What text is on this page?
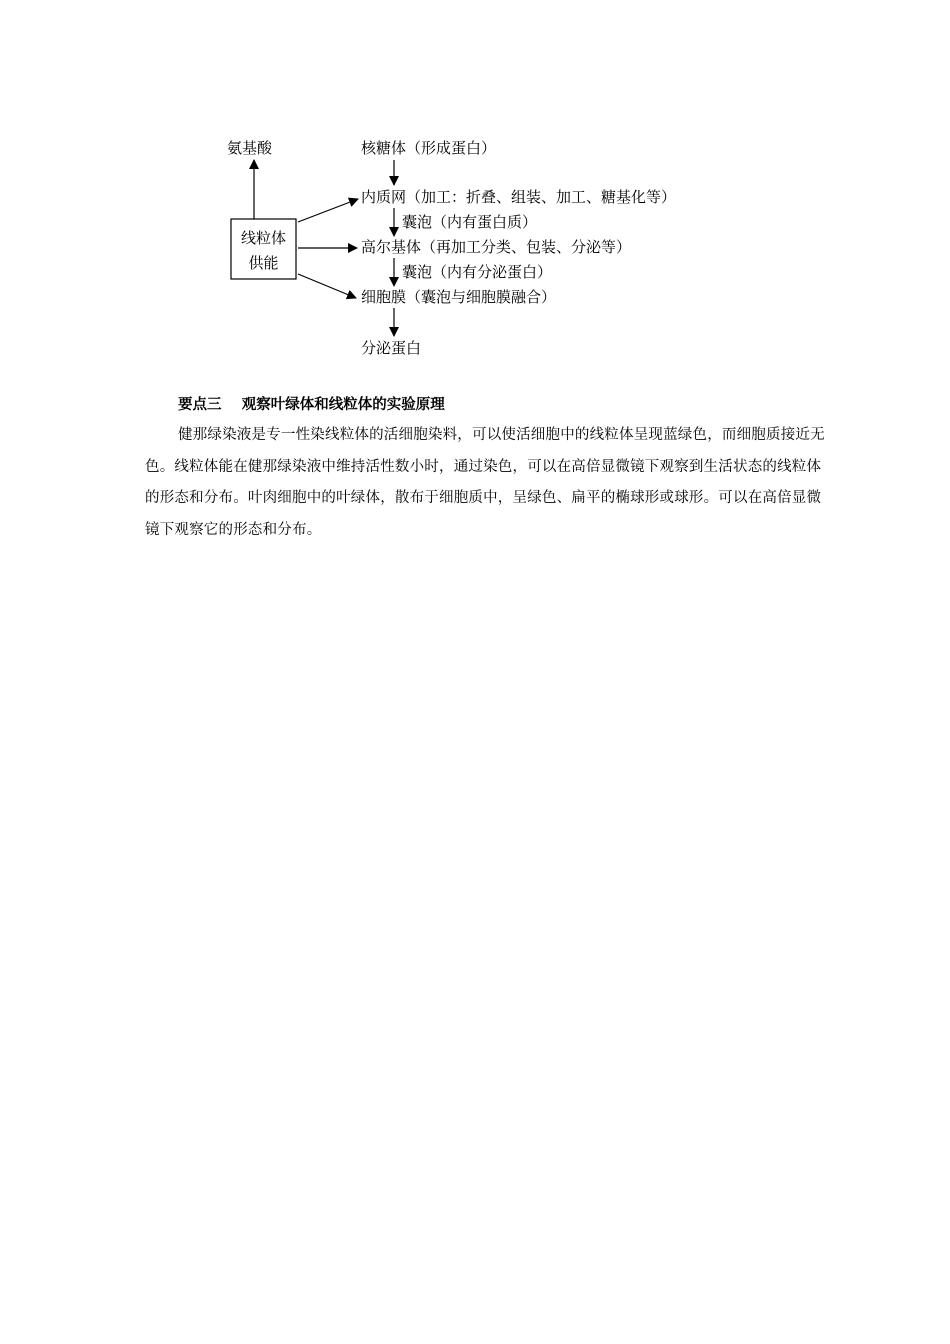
线粒体
供能
氨基酸	核糖体（形成蛋白）
内质网（加工：折叠、组装、加工、糖基化等）
囊泡（内有蛋白质）
高尔基体（再加工分类、包装、分泌等）
囊泡（内有分泌蛋白）
细胞膜（囊泡与细胞膜融合）
分泌蛋白
要点三    观察叶绿体和线粒体的实验原理

健那绿染液是专一性染线粒体的活细胞染料，可以使活细胞中的线粒体呈现蓝绿色，而细胞质接近无色。线粒体能在健那绿染液中维持活性数小时，通过染色，可以在高倍显微镜下观察到生活状态的线粒体的形态和分布。叶肉细胞中的叶绿体，散布于细胞质中，呈绿色、扁平的椭球形或球形。可以在高倍显微镜下观察它的形态和分布。
